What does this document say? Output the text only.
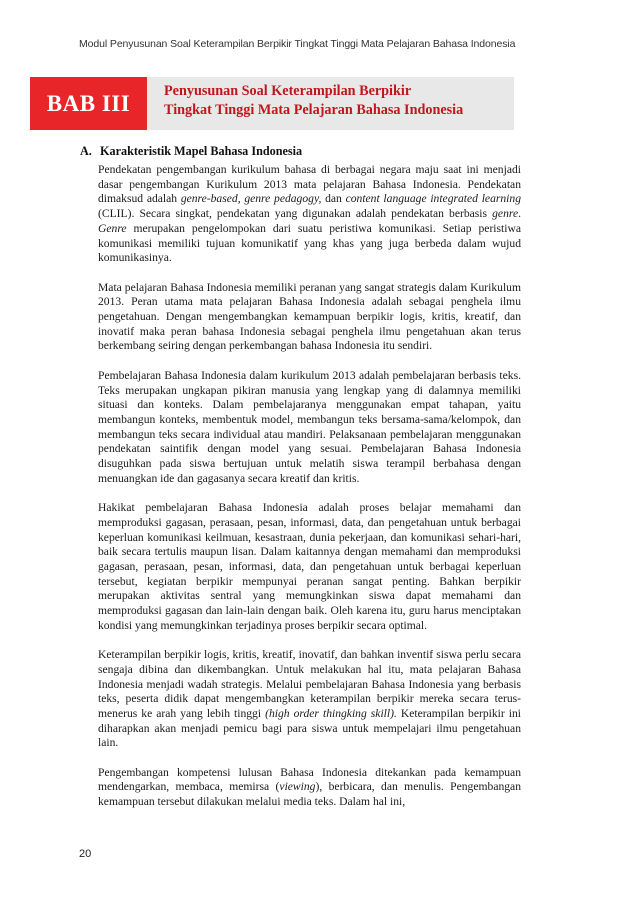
Modul Penyusunan Soal Keterampilan Berpikir Tingkat Tinggi Mata Pelajaran Bahasa Indonesia
BAB III	Penyusunan Soal Keterampilan Berpikir
Tingkat Tinggi Mata Pelajaran Bahasa Indonesia
A. Karakteristik Mapel Bahasa Indonesia

Pendekatan pengembangan kurikulum bahasa di berbagai negara maju saat ini menjadi dasar pengembangan Kurikulum 2013 mata pelajaran Bahasa Indonesia. Pendekatan dimaksud adalah genre-based, genre pedagogy, dan content language integrated learning (CLIL). Secara singkat, pendekatan yang digunakan adalah pendekatan berbasis genre. Genre merupakan pengelompokan dari suatu peristiwa komunikasi. Setiap peristiwa komunikasi memiliki tujuan komunikatif yang khas yang juga berbeda dalam wujud komunikasinya.

Mata pelajaran Bahasa Indonesia memiliki peranan yang sangat strategis dalam Kurikulum 2013. Peran utama mata pelajaran Bahasa Indonesia adalah sebagai penghela ilmu pengetahuan. Dengan mengembangkan kemampuan berpikir logis, kritis, kreatif, dan inovatif maka peran bahasa Indonesia sebagai penghela ilmu pengetahuan akan terus berkembang seiring dengan perkembangan bahasa Indonesia itu sendiri.

Pembelajaran Bahasa Indonesia dalam kurikulum 2013 adalah pembelajaran berbasis teks. Teks merupakan ungkapan pikiran manusia yang lengkap yang di dalamnya memiliki situasi dan konteks. Dalam pembelajaranya menggunakan empat tahapan, yaitu membangun konteks, membentuk model, membangun teks bersama-sama/kelompok, dan membangun teks secara individual atau mandiri. Pelaksanaan pembelajaran menggunakan pendekatan saintifik dengan model yang sesuai. Pembelajaran Bahasa Indonesia disuguhkan pada siswa bertujuan untuk melatih siswa terampil berbahasa dengan menuangkan ide dan gagasanya secara kreatif dan kritis.

Hakikat pembelajaran Bahasa Indonesia adalah proses belajar memahami dan memproduksi gagasan, perasaan, pesan, informasi, data, dan pengetahuan untuk berbagai keperluan komunikasi keilmuan, kesastraan, dunia pekerjaan, dan komunikasi sehari-hari, baik secara tertulis maupun lisan. Dalam kaitannya dengan memahami dan memproduksi gagasan, perasaan, pesan, informasi, data, dan pengetahuan untuk berbagai keperluan tersebut, kegiatan berpikir mempunyai peranan sangat penting. Bahkan berpikir merupakan aktivitas sentral yang memungkinkan siswa dapat memahami dan memproduksi gagasan dan lain-lain dengan baik. Oleh karena itu, guru harus menciptakan kondisi yang memungkinkan terjadinya proses berpikir secara optimal.

Keterampilan berpikir logis, kritis, kreatif, inovatif, dan bahkan inventif siswa perlu secara sengaja dibina dan dikembangkan. Untuk melakukan hal itu, mata pelajaran Bahasa Indonesia menjadi wadah strategis. Melalui pembelajaran Bahasa Indonesia yang berbasis teks, peserta didik dapat mengembangkan keterampilan berpikir mereka secara terus-menerus ke arah yang lebih tinggi (high order thingking skill). Keterampilan berpikir ini diharapkan akan menjadi pemicu bagi para siswa untuk mempelajari ilmu pengetahuan lain.

Pengembangan kompetensi lulusan Bahasa Indonesia ditekankan pada kemampuan mendengarkan, membaca, memirsa (viewing), berbicara, dan menulis. Pengembangan kemampuan tersebut dilakukan melalui media teks. Dalam hal ini,

20
